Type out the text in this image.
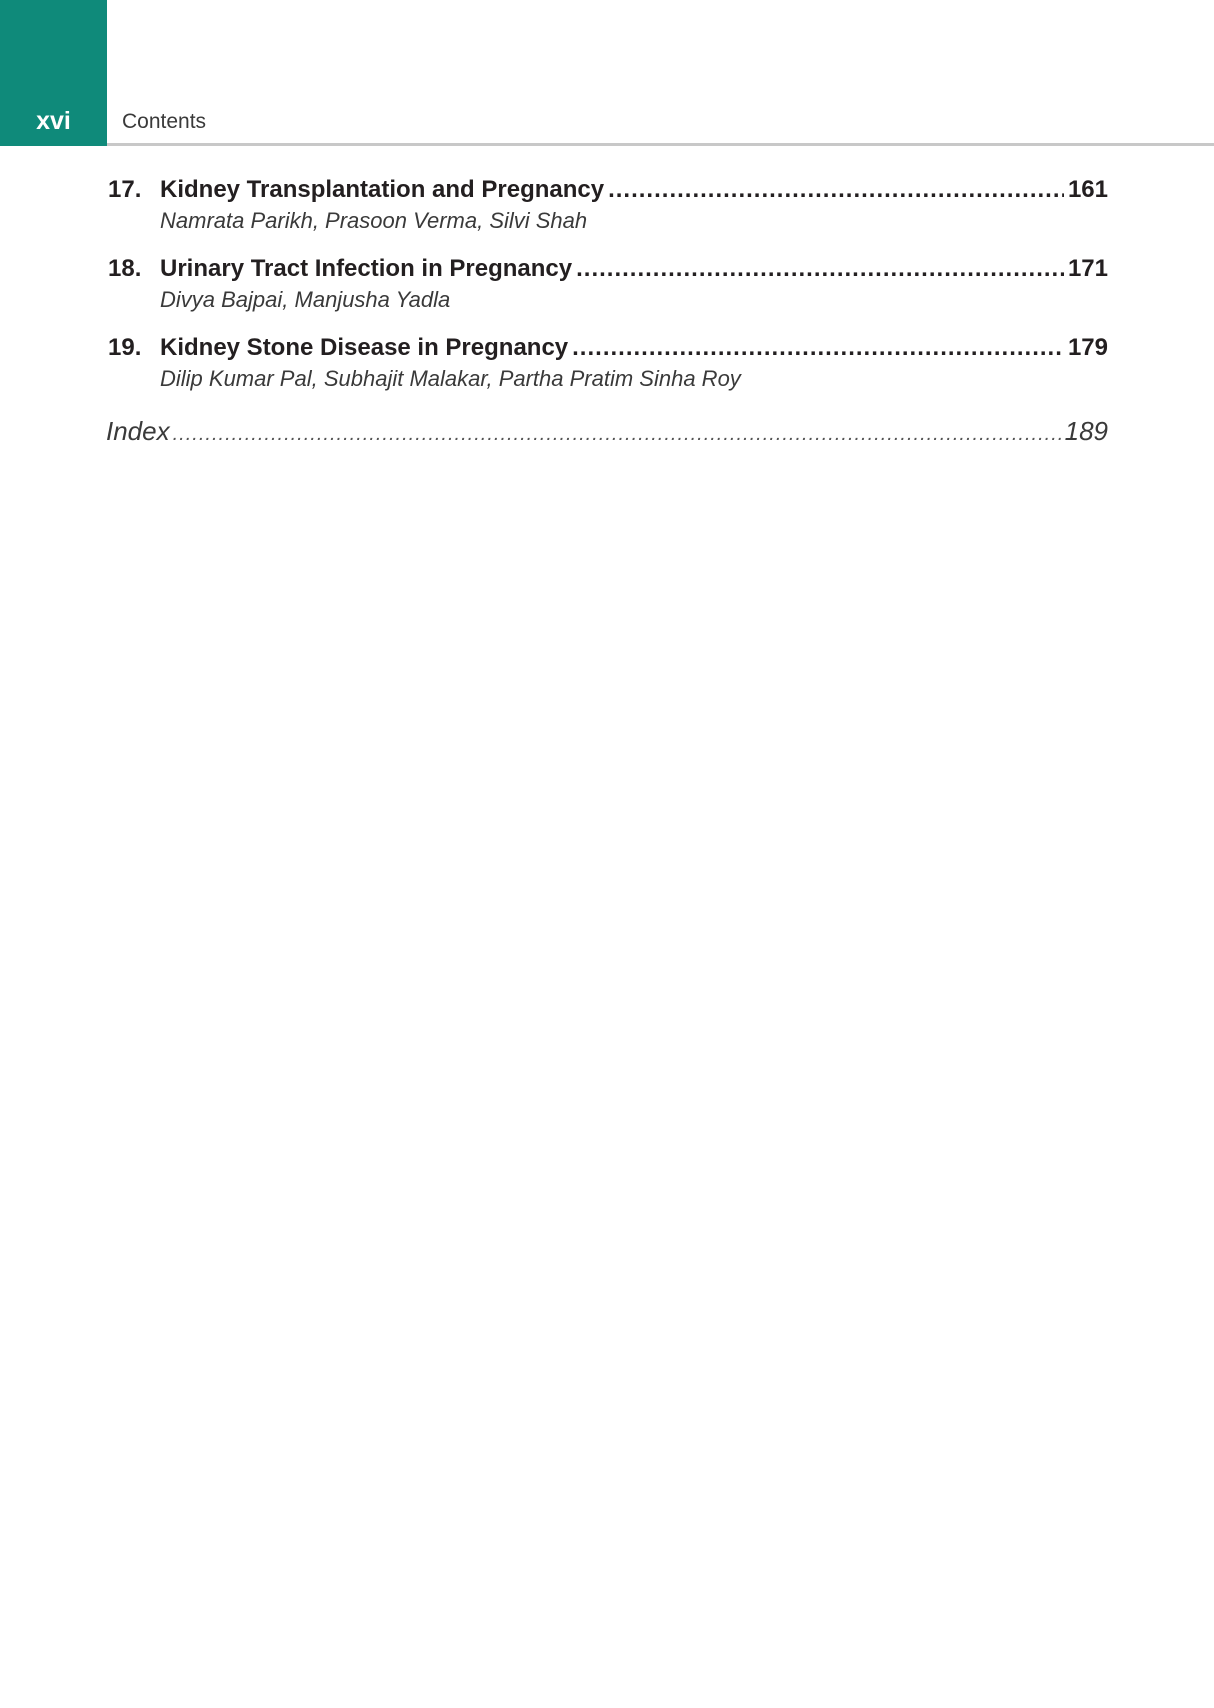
xvi	Contents
17. Kidney Transplantation and Pregnancy .....	161
Namrata Parikh, Prasoon Verma, Silvi Shah
18. Urinary Tract Infection in Pregnancy .....	171
Divya Bajpai, Manjusha Yadla
19. Kidney Stone Disease in Pregnancy .....	179
Dilip Kumar Pal, Subhajit Malakar, Partha Pratim Sinha Roy
Index .....	189
